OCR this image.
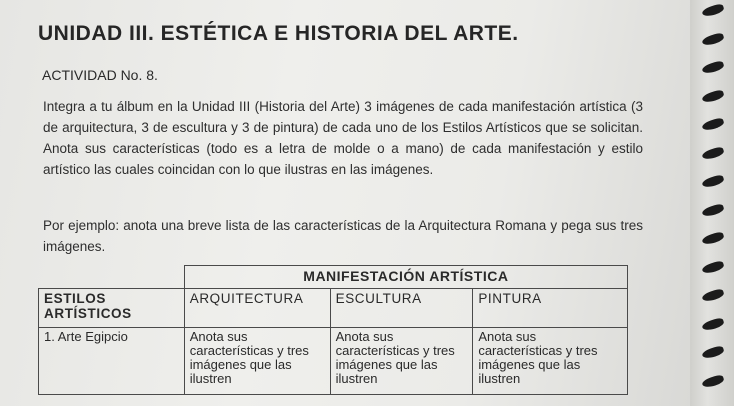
UNIDAD III. ESTÉTICA E HISTORIA DEL ARTE.
ACTIVIDAD No. 8.
Integra a tu álbum en la Unidad III (Historia del Arte) 3 imágenes de cada manifestación artística (3 de arquitectura, 3 de escultura y 3 de pintura) de cada uno de los Estilos Artísticos que se solicitan. Anota sus características (todo es a letra de molde o a mano) de cada manifestación y estilo artístico las cuales coincidan con lo que ilustras en las imágenes.
Por ejemplo: anota una breve lista de las características de la Arquitectura Romana y pega sus tres imágenes.
	MANIFESTACIÓN ARTÍSTICA		
ESTILOS ARTÍSTICOS	ARQUITECTURA	ESCULTURA	PINTURA
1. Arte Egipcio	Anota sus características y tres imágenes que las ilustren	Anota sus características y tres imágenes que las ilustren	Anota sus características y tres imágenes que las ilustren
